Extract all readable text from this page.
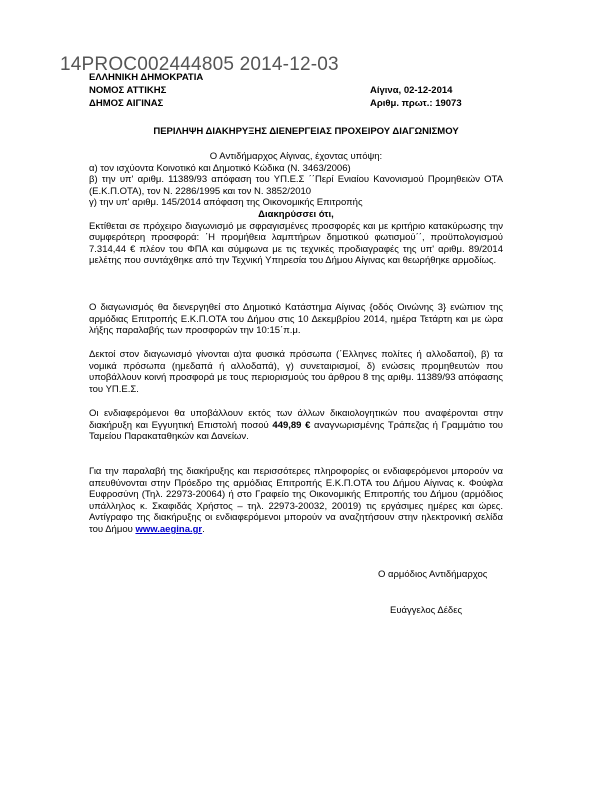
14PROC002444805 2014-12-03
ΕΛΛΗΝΙΚΗ ΔΗΜΟΚΡΑΤΙΑ
ΝΟΜΟΣ ΑΤΤΙΚΗΣ
ΔΗΜΟΣ ΑΙΓΙΝΑΣ
Αίγινα, 02-12-2014
Αριθμ. πρωτ.: 19073
ΠΕΡΙΛΗΨΗ ΔΙΑΚΗΡΥΞΗΣ ΔΙΕΝΕΡΓΕΙΑΣ ΠΡΟΧΕΙΡΟΥ ΔΙΑΓΩΝΙΣΜΟΥ

Ο Αντιδήμαρχος Αίγινας, έχοντας υπόψη:

α) τον ισχύοντα Κοινοτικό και Δημοτικό Κώδικα (Ν. 3463/2006)

β) την υπ' αριθμ. 11389/93 απόφαση του ΥΠ.Ε.Σ ΄΄Περί Ενιαίου Κανονισμού Προμηθειών ΟΤΑ (Ε.Κ.Π.ΟΤΑ), τον Ν. 2286/1995 και τον Ν. 3852/2010

γ) την υπ' αριθμ. 145/2014 απόφαση της Οικονομικής Επιτροπής

Διακηρύσσει ότι,

Εκτίθεται σε πρόχειρο διαγωνισμό με σφραγισμένες προσφορές και με κριτήριο κατακύρωσης την συμφερότερη προσφορά: ΄Η προμήθεια λαμπτήρων δημοτικού φωτισμού΄΄, προϋπολογισμού 7.314,44 € πλέον του ΦΠΑ και σύμφωνα με τις τεχνικές προδιαγραφές της υπ' αριθμ. 89/2014 μελέτης που συντάχθηκε από την Τεχνική Υπηρεσία του Δήμου Αίγινας και θεωρήθηκε αρμοδίως.

Ο διαγωνισμός θα διενεργηθεί στο Δημοτικό Κατάστημα Αίγινας {οδός Οινώνης 3} ενώπιον της αρμόδιας Επιτροπής Ε.Κ.Π.ΟΤΑ του Δήμου στις 10 Δεκεμβρίου 2014, ημέρα Τετάρτη και με ώρα λήξης παραλαβής των προσφορών την 10:15΄π.μ.
Δεκτοί στον διαγωνισμό γίνονται α)τα φυσικά πρόσωπα (΄Ελληνες πολίτες ή αλλοδαποί), β) τα νομικά πρόσωπα (ημεδαπά ή αλλοδαπά), γ) συνεταιρισμοί, δ) ενώσεις προμηθευτών που υποβάλλουν κοινή προσφορά με τους περιορισμούς του άρθρου 8 της αριθμ. 11389/93 απόφασης του ΥΠ.Ε.Σ.
Οι ενδιαφερόμενοι θα υποβάλλουν εκτός των άλλων δικαιολογητικών που αναφέρονται στην διακήρυξη και Εγγυητική Επιστολή ποσού 449,89 € αναγνωρισμένης Τράπεζας ή Γραμμάτιο του Ταμείου Παρακαταθηκών και Δανείων.
Για την παραλαβή της διακήρυξης και περισσότερες πληροφορίες οι ενδιαφερόμενοι μπορούν να απευθύνονται στην Πρόεδρο της αρμόδιας Επιτροπής Ε.Κ.Π.ΟΤΑ του Δήμου Αίγινας κ. Φούφλα Ευφροσύνη (Τηλ. 22973-20064) ή στο Γραφείο της Οικονομικής Επιτροπής του Δήμου (αρμόδιος υπάλληλος κ. Σκαφιδάς Χρήστος – τηλ. 22973-20032, 20019) τις εργάσιμες ημέρες και ώρες. Αντίγραφο της διακήρυξης οι ενδιαφερόμενοι μπορούν να αναζητήσουν στην ηλεκτρονική σελίδα του Δήμου www.aegina.gr.
Ο αρμόδιος Αντιδήμαρχος
Ευάγγελος Δέδες
